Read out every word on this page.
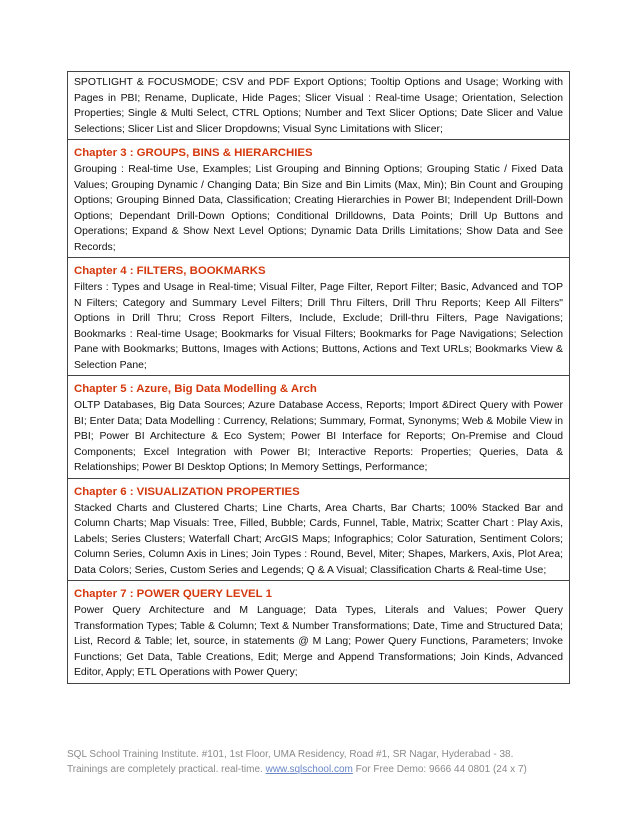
SPOTLIGHT & FOCUSMODE; CSV and PDF Export Options; Tooltip Options and Usage; Working with Pages in PBI; Rename, Duplicate, Hide Pages; Slicer Visual : Real-time Usage; Orientation, Selection Properties; Single & Multi Select, CTRL Options; Number and Text Slicer Options; Date Slicer and Value Selections; Slicer List and Slicer Dropdowns; Visual Sync Limitations with Slicer;
Chapter 3 : GROUPS, BINS & HIERARCHIES
Grouping : Real-time Use, Examples; List Grouping and Binning Options; Grouping Static / Fixed Data Values; Grouping Dynamic / Changing Data; Bin Size and Bin Limits (Max, Min); Bin Count and Grouping Options; Grouping Binned Data, Classification; Creating Hierarchies in Power BI; Independent Drill-Down Options; Dependant Drill-Down Options; Conditional Drilldowns, Data Points; Drill Up Buttons and Operations; Expand & Show Next Level Options; Dynamic Data Drills Limitations; Show Data and See Records;
Chapter 4 : FILTERS, BOOKMARKS
Filters : Types and Usage in Real-time; Visual Filter, Page Filter, Report Filter; Basic, Advanced and TOP N Filters; Category and Summary Level Filters; Drill Thru Filters, Drill Thru Reports; Keep All Filters" Options in Drill Thru; Cross Report Filters, Include, Exclude; Drill-thru Filters, Page Navigations; Bookmarks : Real-time Usage; Bookmarks for Visual Filters; Bookmarks for Page Navigations; Selection Pane with Bookmarks; Buttons, Images with Actions; Buttons, Actions and Text URLs; Bookmarks View & Selection Pane;
Chapter 5 : Azure, Big Data Modelling & Arch
OLTP Databases, Big Data Sources; Azure Database Access, Reports; Import &Direct Query with Power BI; Enter Data; Data Modelling : Currency, Relations; Summary, Format, Synonyms; Web & Mobile View in PBI; Power BI Architecture & Eco System; Power BI Interface for Reports; On-Premise and Cloud Components; Excel Integration with Power BI; Interactive Reports: Properties; Queries, Data & Relationships; Power BI Desktop Options; In Memory Settings, Performance;
Chapter 6 : VISUALIZATION PROPERTIES
Stacked Charts and Clustered Charts; Line Charts, Area Charts, Bar Charts; 100% Stacked Bar and Column Charts; Map Visuals: Tree, Filled, Bubble; Cards, Funnel, Table, Matrix; Scatter Chart : Play Axis, Labels; Series Clusters; Waterfall Chart; ArcGIS Maps; Infographics; Color Saturation, Sentiment Colors; Column Series, Column Axis in Lines; Join Types : Round, Bevel, Miter; Shapes, Markers, Axis, Plot Area; Data Colors; Series, Custom Series and Legends; Q & A Visual; Classification Charts & Real-time Use;
Chapter 7 : POWER QUERY LEVEL 1
Power Query Architecture and M Language; Data Types, Literals and Values; Power Query Transformation Types; Table & Column; Text & Number Transformations; Date, Time and Structured Data; List, Record & Table; let, source, in statements @ M Lang; Power Query Functions, Parameters; Invoke Functions; Get Data, Table Creations, Edit; Merge and Append Transformations; Join Kinds, Advanced Editor, Apply; ETL Operations with Power Query;
SQL School Training Institute. #101, 1st Floor, UMA Residency, Road #1, SR Nagar, Hyderabad - 38.
Trainings are completely practical. real-time. www.sqlschool.com For Free Demo: 9666 44 0801 (24 x 7)
